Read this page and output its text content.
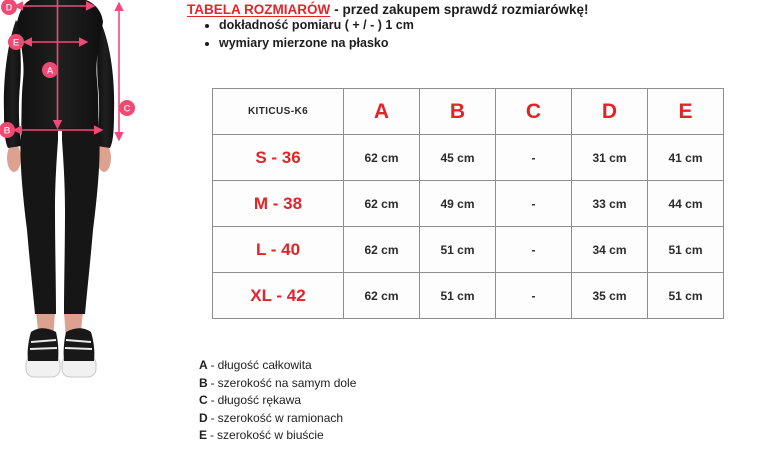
D
E
A
C
B
TABELA ROZMIARÓW - przed zakupem sprawdź rozmiarówkę!
• dokładność pomiaru ( + / - ) 1 cm
• wymiary mierzone na płasko
KITICUS-K6	A	B	C	D	E
S - 36	62 cm	45 cm	-	31 cm	41 cm
M - 38	62 cm	49 cm	-	33 cm	44 cm
L - 40	62 cm	51 cm	-	34 cm	51 cm
XL - 42	62 cm	51 cm	-	35 cm	51 cm
A - długość całkowita
B - szerokość na samym dole
C - długość rękawa
D - szerokość w ramionach
E - szerokość w biuście
